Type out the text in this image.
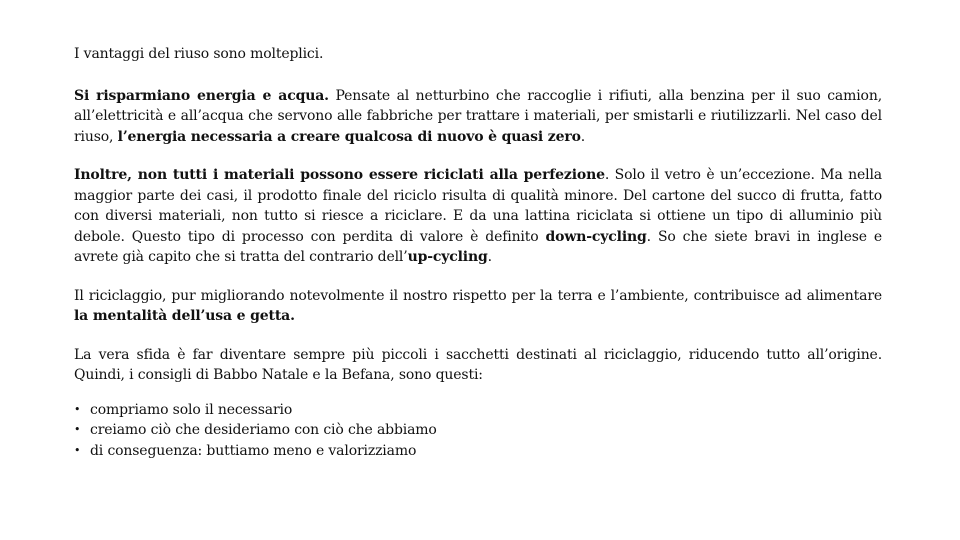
I vantaggi del riuso sono molteplici.

Si risparmiano energia e acqua. Pensate al netturbino che raccoglie i rifiuti, alla benzina per il suo camion, all’elettricità e all’acqua che servono alle fabbriche per trattare i materiali, per smistarli e riutilizzarli. Nel caso del riuso, l’energia necessaria a creare qualcosa di nuovo è quasi zero.

Inoltre, non tutti i materiali possono essere riciclati alla perfezione. Solo il vetro è un’eccezione. Ma nella maggior parte dei casi, il prodotto finale del riciclo risulta di qualità minore. Del cartone del succo di frutta, fatto con diversi materiali, non tutto si riesce a riciclare. E da una lattina riciclata si ottiene un tipo di alluminio più debole. Questo tipo di processo con perdita di valore è definito down-cycling. So che siete bravi in inglese e avrete già capito che si tratta del contrario dell’up-cycling.

Il riciclaggio, pur migliorando notevolmente il nostro rispetto per la terra e l’ambiente, contribuisce ad alimentare la mentalità dell’usa e getta.

La vera sfida è far diventare sempre più piccoli i sacchetti destinati al riciclaggio, riducendo tutto all’origine. Quindi, i consigli di Babbo Natale e la Befana, sono questi:

• compriamo solo il necessario
• creiamo ciò che desideriamo con ciò che abbiamo
• di conseguenza: buttiamo meno e valorizziamo
